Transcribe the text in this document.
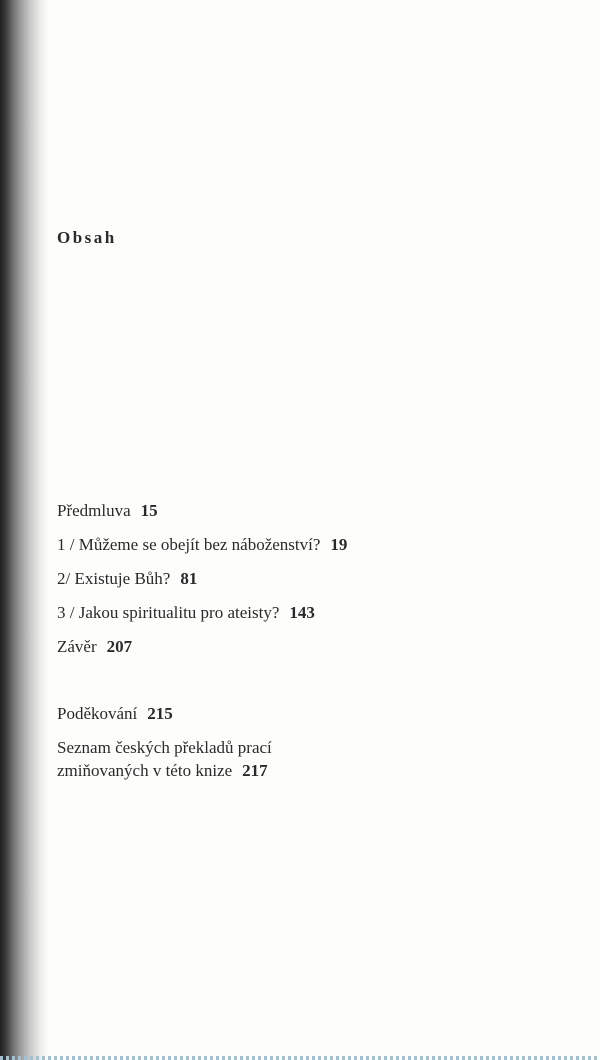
Obsah
Předmluva 15
1 / Můžeme se obejít bez náboženství? 19
2/ Existuje Bůh? 81
3 / Jakou spiritualitu pro ateisty? 143
Závěr 207
Poděkování 215
Seznam českých překladů prací
zmiňovaných v této knize 217
